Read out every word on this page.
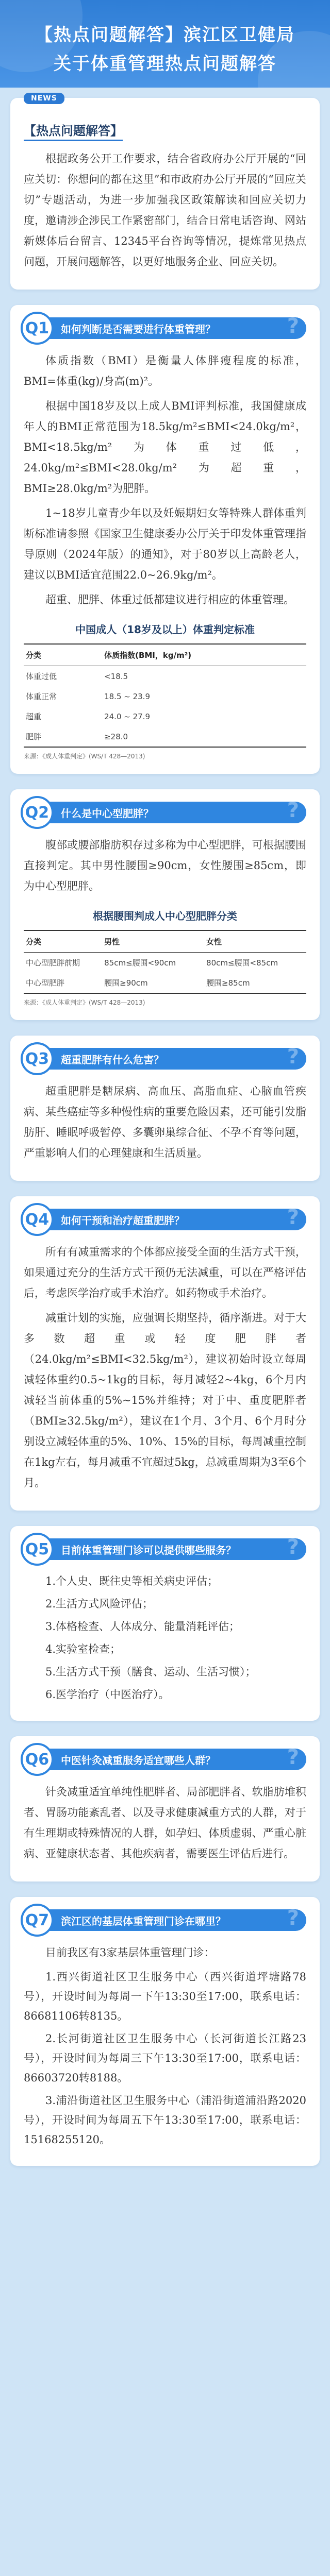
【热点问题解答】滨江区卫健局
关于体重管理热点问题解答
NEWS
【热点问题解答】

根据政务公开工作要求，结合省政府办公厅开展的“回应关切：你想问的都在这里”和市政府办公厅开展的“回应关切”专题活动，为进一步加强我区政策解读和回应关切力度，邀请涉企涉民工作紧密部门，结合日常电话咨询、网站新媒体后台留言、12345平台咨询等情况，提炼常见热点问题，开展问题解答，以更好地服务企业、回应关切。

Q1	如何判断是否需要进行体重管理？	?

体质指数（BMI）是衡量人体胖瘦程度的标准，BMI=体重(kg)/身高(m)²。

根据中国18岁及以上成人BMI评判标准，我国健康成年人的BMI正常范围为18.5kg/m²≤BMI<24.0kg/m²，BMI<18.5kg/m²为体重过低，24.0kg/m²≤BMI<28.0kg/m²为超重，BMI≥28.0kg/m²为肥胖。

1~18岁儿童青少年以及妊娠期妇女等特殊人群体重判断标准请参照《国家卫生健康委办公厅关于印发体重管理指导原则（2024年版）的通知》，对于80岁以上高龄老人，建议以BMI适宜范围22.0~26.9kg/m²。

超重、肥胖、体重过低都建议进行相应的体重管理。

中国成人（18岁及以上）体重判定标准
分类	体质指数(BMI，kg/m²)
体重过低	<18.5
体重正常	18.5 ~ 23.9
超重	24.0 ~ 27.9
肥胖	≥28.0
来源：《成人体重判定》(WS/T 428—2013)
Q2	什么是中心型肥胖？	?

腹部或腰部脂肪积存过多称为中心型肥胖，可根据腰围直接判定。其中男性腰围≥90cm，女性腰围≥85cm，即为中心型肥胖。

根据腰围判成人中心型肥胖分类
分类	男性	女性
中心型肥胖前期	85cm≤腰围<90cm	80cm≤腰围<85cm
中心型肥胖	腰围≥90cm	腰围≥85cm
来源：《成人体重判定》(WS/T 428—2013)
Q3	超重肥胖有什么危害？	?

超重肥胖是糖尿病、高血压、高脂血症、心脑血管疾病、某些癌症等多种慢性病的重要危险因素，还可能引发脂肪肝、睡眠呼吸暂停、多囊卵巢综合征、不孕不育等问题，严重影响人们的心理健康和生活质量。

Q4	如何干预和治疗超重肥胖？	?

所有有减重需求的个体都应接受全面的生活方式干预，如果通过充分的生活方式干预仍无法减重，可以在严格评估后，考虑医学治疗或手术治疗。如药物或手术治疗。

减重计划的实施，应强调长期坚持，循序渐进。对于大多数超重或轻度肥胖者（24.0kg/m²≤BMI<32.5kg/m²），建议初始时设立每周减轻体重约0.5~1kg的目标，每月减轻2~4kg，6个月内减轻当前体重的5%~15%并维持；对于中、重度肥胖者（BMI≥32.5kg/m²），建议在1个月、3个月、6个月时分别设立减轻体重的5%、10%、15%的目标，每周减重控制在1kg左右，每月减重不宜超过5kg，总减重周期为3至6个月。

Q5	目前体重管理门诊可以提供哪些服务？ ?
1.个人史、既往史等相关病史评估；
2.生活方式风险评估；
3.体格检查、人体成分、能量消耗评估；
4.实验室检查；
5.生活方式干预（膳食、运动、生活习惯）；
6.医学治疗（中医治疗）。
Q6	中医针灸减重服务适宜哪些人群？	?

针灸减重适宜单纯性肥胖者、局部肥胖者、软脂肪堆积者、胃肠功能紊乱者、以及寻求健康减重方式的人群，对于有生理期或特殊情况的人群，如孕妇、体质虚弱、严重心脏病、亚健康状态者、其他疾病者，需要医生评估后进行。

Q7	滨江区的基层体重管理门诊在哪里？	?

目前我区有3家基层体重管理门诊：

1.西兴街道社区卫生服务中心（西兴街道坪塘路78号），开设时间为每周一下午13:30至17:00，联系电话：86681106转8135。
2.长河街道社区卫生服务中心（长河街道长江路23号），开设时间为每周三下午13:30至17:00，联系电话：86603720转8188。
3.浦沿街道社区卫生服务中心（浦沿街道浦沿路2020号），开设时间为每周五下午13:30至17:00，联系电话：15168255120。
